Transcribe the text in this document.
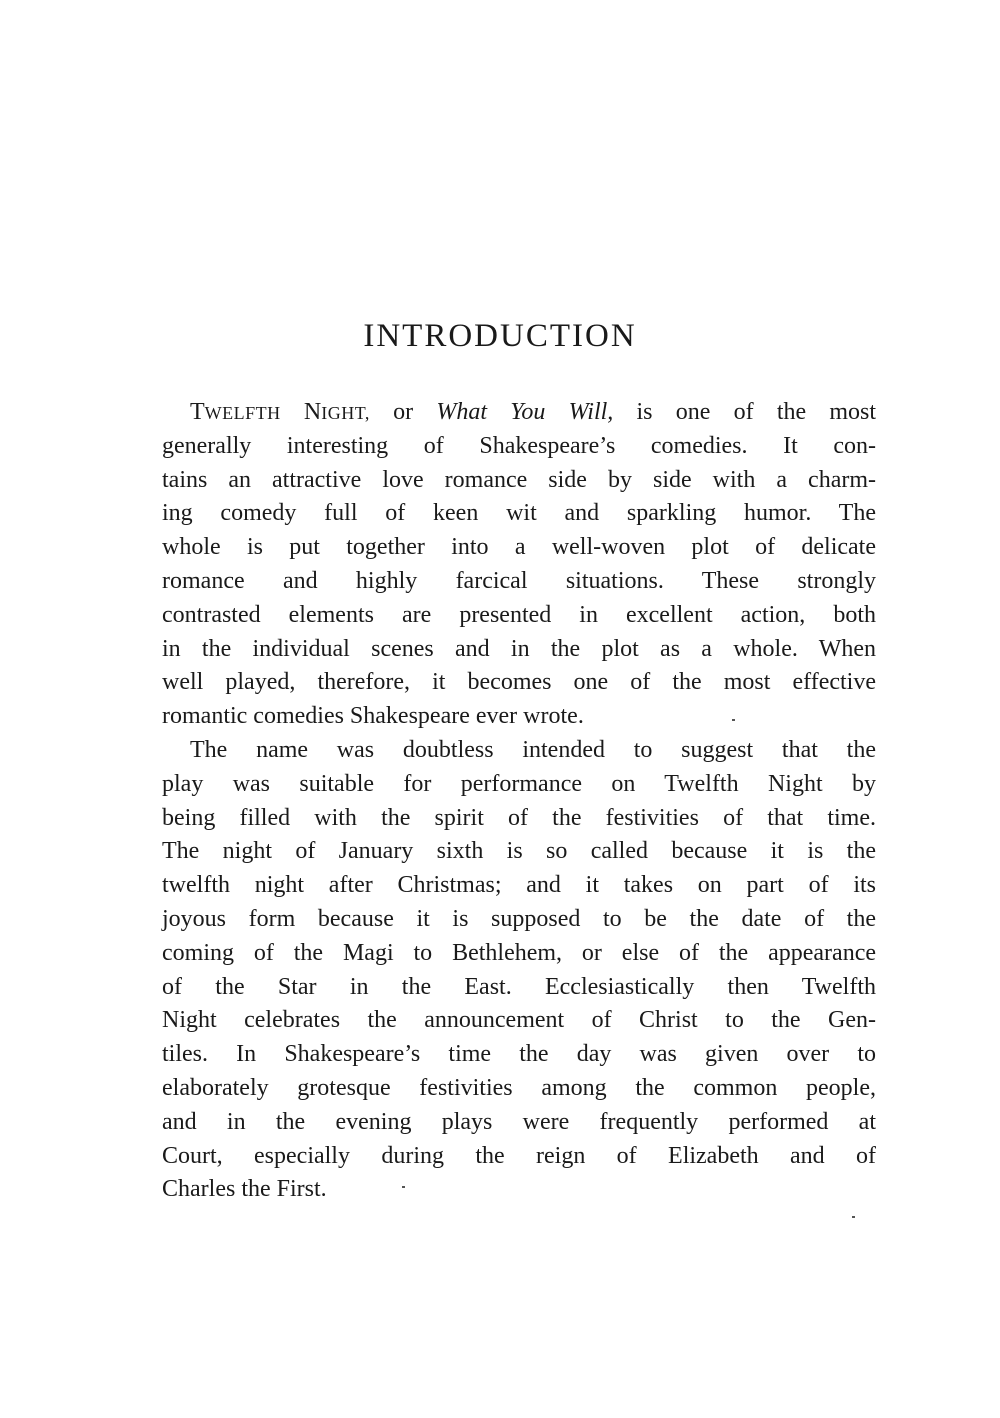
INTRODUCTION
TWELFTH NIGHT, or What You Will, is one of the most
generally interesting of Shakespeare’s comedies. It con-
tains an attractive love romance side by side with a charm-
ing comedy full of keen wit and sparkling humor. The
whole is put together into a well-woven plot of delicate
romance and highly farcical situations. These strongly
contrasted elements are presented in excellent action, both
in the individual scenes and in the plot as a whole. When
well played, therefore, it becomes one of the most effective
romantic comedies Shakespeare ever wrote.
The name was doubtless intended to suggest that the
play was suitable for performance on Twelfth Night by
being filled with the spirit of the festivities of that time.
The night of January sixth is so called because it is the
twelfth night after Christmas; and it takes on part of its
joyous form because it is supposed to be the date of the
coming of the Magi to Bethlehem, or else of the appearance
of the Star in the East. Ecclesiastically then Twelfth
Night celebrates the announcement of Christ to the Gen-
tiles. In Shakespeare’s time the day was given over to
elaborately grotesque festivities among the common people,
and in the evening plays were frequently performed at
Court, especially during the reign of Elizabeth and of
Charles the First.
